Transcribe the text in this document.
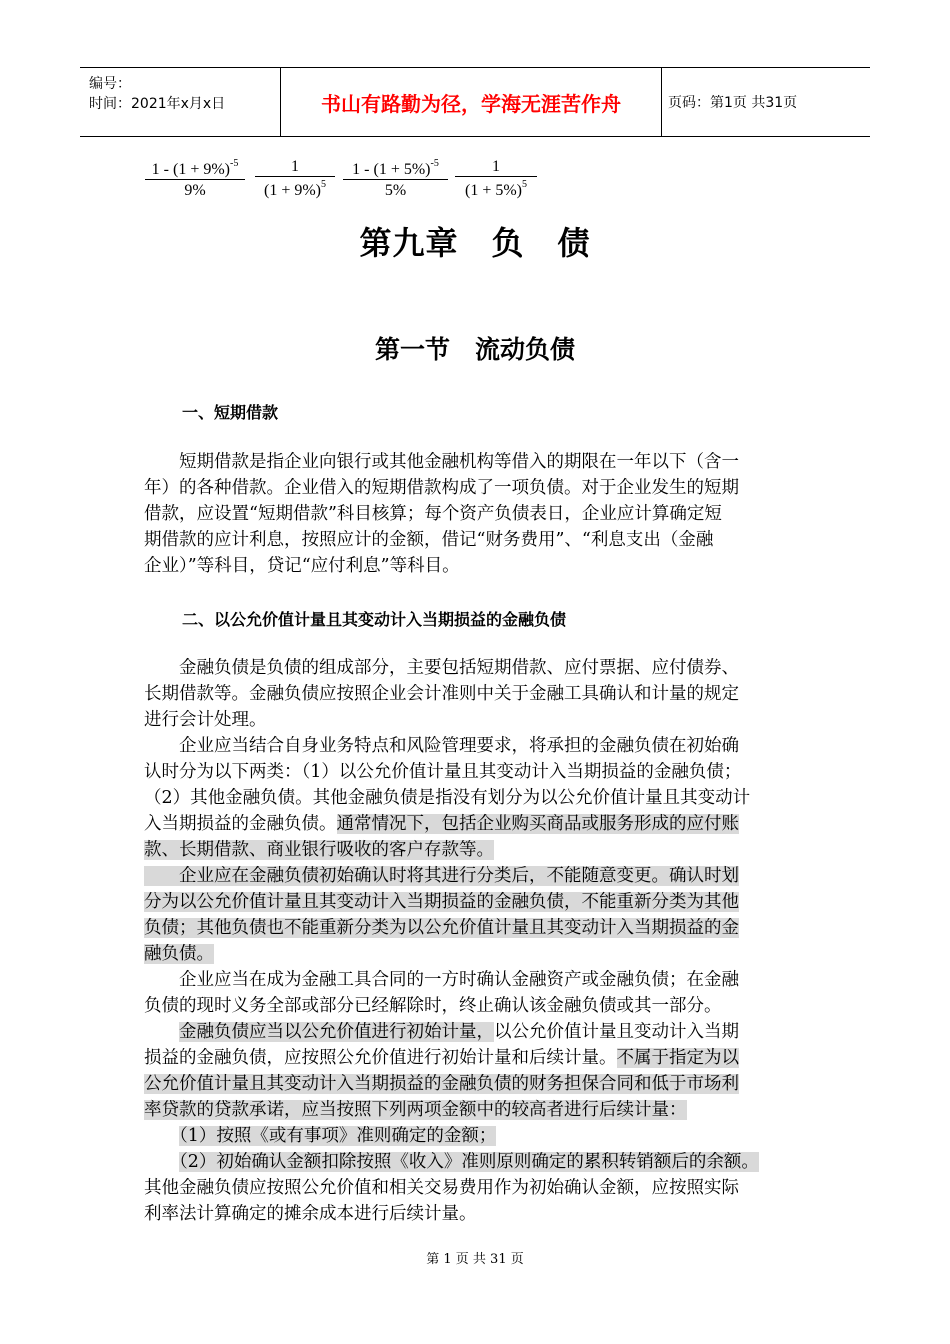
编号：
时间：2021年x月x日	书山有路勤为径，学海无涯苦作舟	页码：第1页 共31页
$\frac{1 - (1 + 9\%)^{-5}}{9\%} \frac{1}{(1 + 9\%)^5} \frac{1 - (1 + 5\%)^{-5}}{5\%} \frac{1}{(1 + 5\%)^5}$
第九章　负　债
第一节　流动负债
一、短期借款
　　短期借款是指企业向银行或其他金融机构等借入的期限在一年以下（含一
年）的各种借款。企业借入的短期借款构成了一项负债。对于企业发生的短期
借款，应设置“短期借款”科目核算；每个资产负债表日，企业应计算确定短
期借款的应计利息，按照应计的金额，借记“财务费用”、“利息支出（金融
企业）”等科目，贷记“应付利息”等科目。
二、以公允价值计量且其变动计入当期损益的金融负债
　　金融负债是负债的组成部分，主要包括短期借款、应付票据、应付债券、
长期借款等。金融负债应按照企业会计准则中关于金融工具确认和计量的规定
进行会计处理。
　　企业应当结合自身业务特点和风险管理要求，将承担的金融负债在初始确
认时分为以下两类：（1）以公允价值计量且其变动计入当期损益的金融负债；
（2）其他金融负债。其他金融负债是指没有划分为以公允价值计量且其变动计
入当期损益的金融负债。通常情况下，包括企业购买商品或服务形成的应付账
款、长期借款、商业银行吸收的客户存款等。
　　企业应在金融负债初始确认时将其进行分类后，不能随意变更。确认时划
分为以公允价值计量且其变动计入当期损益的金融负债，不能重新分类为其他
负债；其他负债也不能重新分类为以公允价值计量且其变动计入当期损益的金
融负债。
　　企业应当在成为金融工具合同的一方时确认金融资产或金融负债；在金融
负债的现时义务全部或部分已经解除时，终止确认该金融负债或其一部分。
　　金融负债应当以公允价值进行初始计量，以公允价值计量且变动计入当期
损益的金融负债，应按照公允价值进行初始计量和后续计量。不属于指定为以
公允价值计量且其变动计入当期损益的金融负债的财务担保合同和低于市场利
率贷款的贷款承诺，应当按照下列两项金额中的较高者进行后续计量：
　　（1）按照《或有事项》准则确定的金额；
　　（2）初始确认金额扣除按照《收入》准则原则确定的累积转销额后的余额。
其他金融负债应按照公允价值和相关交易费用作为初始确认金额，应按照实际
利率法计算确定的摊余成本进行后续计量。
第 1 页 共 31 页
